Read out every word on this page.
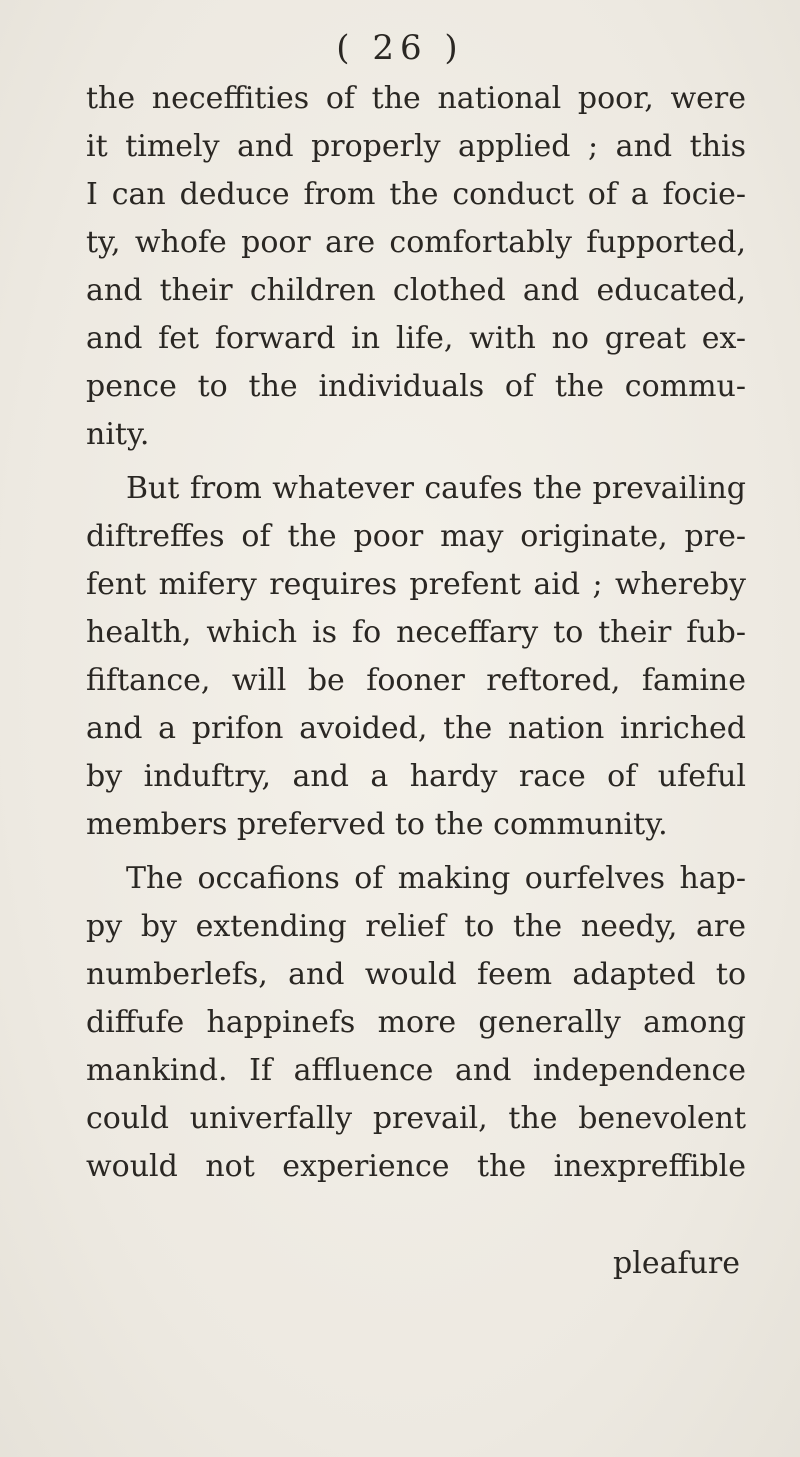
( 26 )
the neceffities of the national poor, were
it timely and properly applied ; and this
I can deduce from the conduct of a focie-
ty, whofe poor are comfortably fupported,
and their children clothed and educated,
and fet forward in life, with no great ex-
pence to the individuals of the commu-
nity.
But from whatever caufes the prevailing
diftreffes of the poor may originate, pre-
fent mifery requires prefent aid ; whereby
health, which is fo neceffary to their fub-
fiftance, will be fooner reftored, famine
and a prifon avoided, the nation inriched
by induftry, and a hardy race of ufeful
members preferved to the community.
The occafions of making ourfelves hap-
py by extending relief to the needy, are
numberlefs, and would feem adapted to
diffufe happinefs more generally among
mankind. If affluence and independence
could univerfally prevail, the benevolent
would not experience the inexpreffible
pleafure
